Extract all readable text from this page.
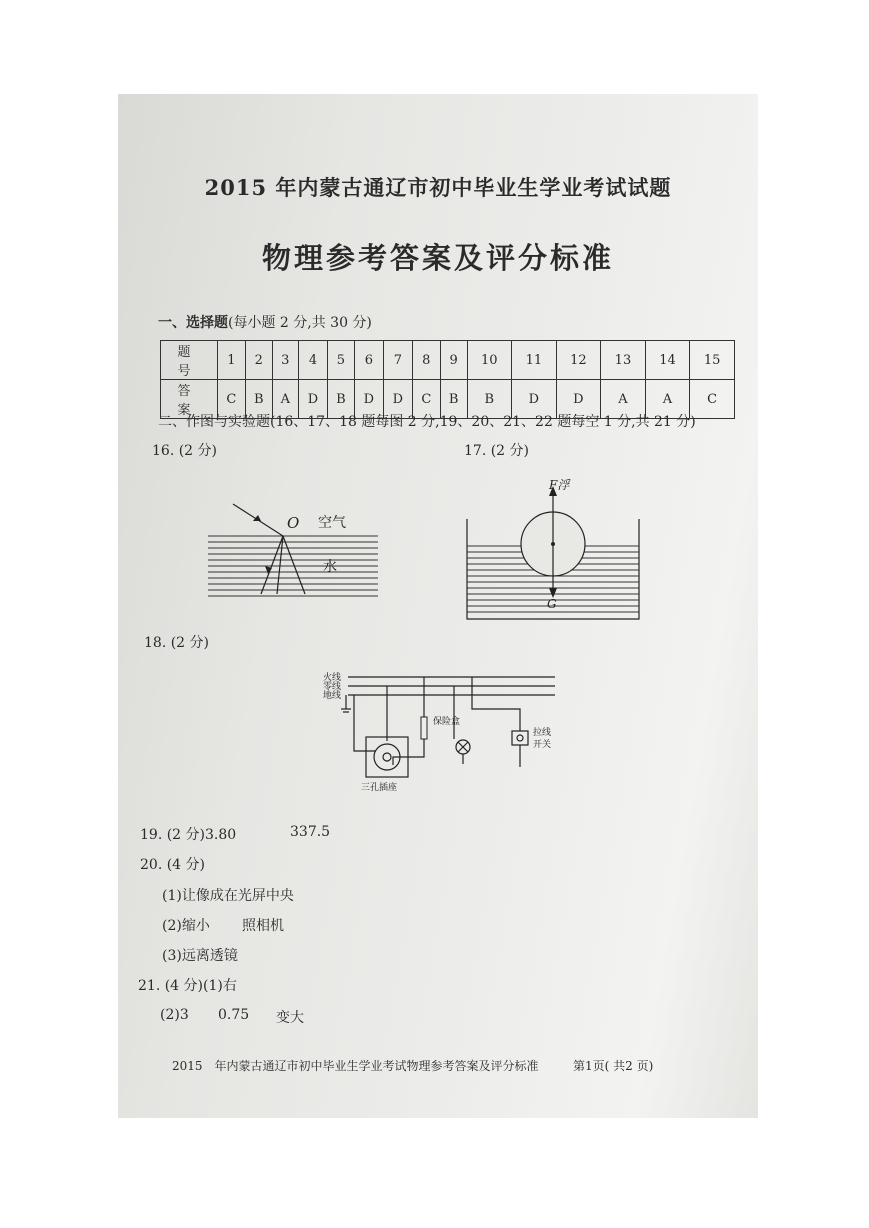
2015 年内蒙古通辽市初中毕业生学业考试试题
物理参考答案及评分标准
一、选择题(每小题 2 分,共 30 分)
题 号	1	2	3	4	5	6	7	8	9	10	11	12	13	14	15
答 案	C	B	A	D	B	D	D	C	B	B	D	D	A	A	C
二、作图与实验题(16、17、18 题每图 2 分,19、20、21、22 题每空 1 分,共 21 分)
16. (2 分)
O 空气
水
17. (2 分)
F浮
G
18. (2 分)
火线
零线
地线
保险盒
三孔插座
拉线
开关
19. (2 分)3.80	337.5
20. (4 分)
(1)让像成在光屏中央
(2)缩小 照相机
(3)远离透镜
21. (4 分)(1)右
(2)3 0.75 变大
2015　年内蒙古通辽市初中毕业生学业考试物理参考答案及评分标准	第1页( 共2 页)
